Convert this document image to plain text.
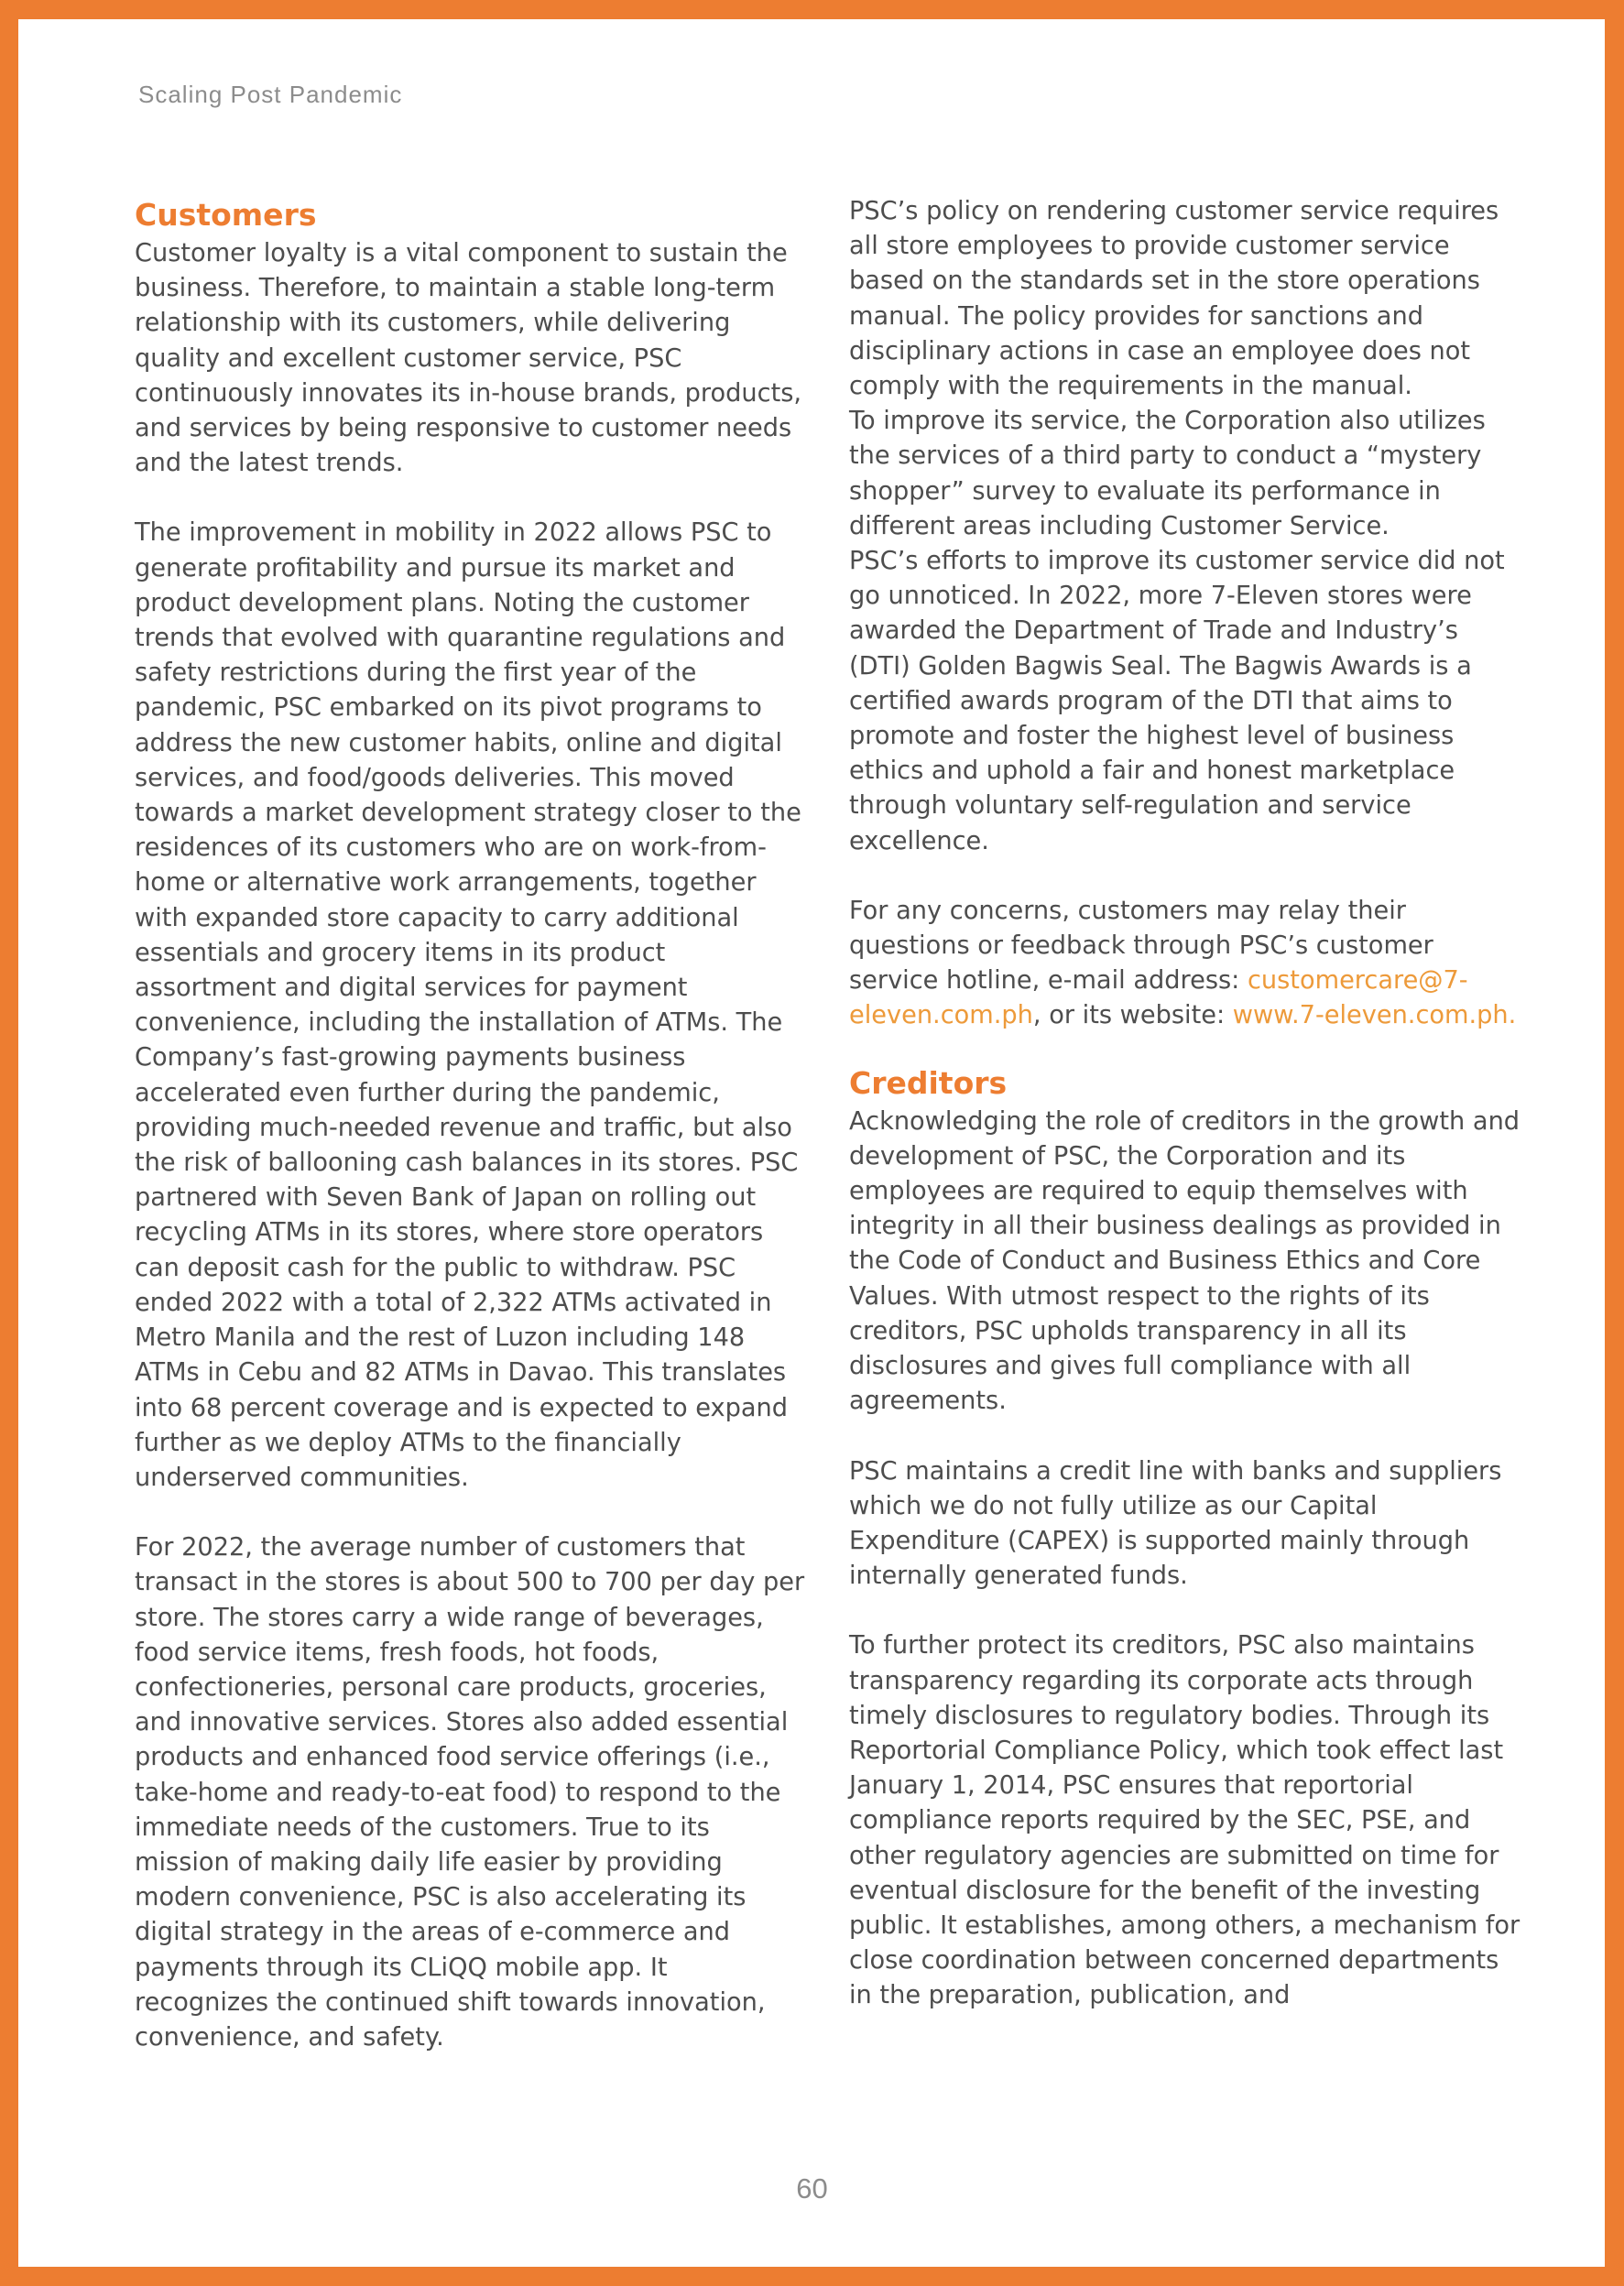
Scaling Post Pandemic

Customers

Customer loyalty is a vital component to sustain the business. Therefore, to maintain a stable long-term relationship with its customers, while delivering quality and excellent customer service, PSC continuously innovates its in-house brands, products, and services by being responsive to customer needs and the latest trends.

The improvement in mobility in 2022 allows PSC to generate profitability and pursue its market and product development plans. Noting the customer trends that evolved with quarantine regulations and safety restrictions during the first year of the pandemic, PSC embarked on its pivot programs to address the new customer habits, online and digital services, and food/goods deliveries. This moved towards a market development strategy closer to the residences of its customers who are on work-from-home or alternative work arrangements, together with expanded store capacity to carry additional essentials and grocery items in its product assortment and digital services for payment convenience, including the installation of ATMs. The Company’s fast-growing payments business accelerated even further during the pandemic, providing much-needed revenue and traffic, but also the risk of ballooning cash balances in its stores. PSC partnered with Seven Bank of Japan on rolling out recycling ATMs in its stores, where store operators can deposit cash for the public to withdraw. PSC ended 2022 with a total of 2,322 ATMs activated in Metro Manila and the rest of Luzon including 148 ATMs in Cebu and 82 ATMs in Davao. This translates into 68 percent coverage and is expected to expand further as we deploy ATMs to the financially underserved communities.

For 2022, the average number of customers that transact in the stores is about 500 to 700 per day per store. The stores carry a wide range of beverages, food service items, fresh foods, hot foods, confectioneries, personal care products, groceries, and innovative services. Stores also added essential products and enhanced food service offerings (i.e., take-home and ready-to-eat food) to respond to the immediate needs of the customers. True to its mission of making daily life easier by providing modern convenience, PSC is also accelerating its digital strategy in the areas of e-commerce and payments through its CLiQQ mobile app. It recognizes the continued shift towards innovation, convenience, and safety.

PSC’s policy on rendering customer service requires all store employees to provide customer service based on the standards set in the store operations manual. The policy provides for sanctions and disciplinary actions in case an employee does not comply with the requirements in the manual.

To improve its service, the Corporation also utilizes the services of a third party to conduct a “mystery shopper” survey to evaluate its performance in different areas including Customer Service.

PSC’s efforts to improve its customer service did not go unnoticed. In 2022, more 7-Eleven stores were awarded the Department of Trade and Industry’s (DTI) Golden Bagwis Seal. The Bagwis Awards is a certified awards program of the DTI that aims to promote and foster the highest level of business ethics and uphold a fair and honest marketplace through voluntary self-regulation and service excellence.

For any concerns, customers may relay their questions or feedback through PSC’s customer service hotline, e-mail address: customercare@7-eleven.com.ph, or its website: www.7-eleven.com.ph.

Creditors

Acknowledging the role of creditors in the growth and development of PSC, the Corporation and its employees are required to equip themselves with integrity in all their business dealings as provided in the Code of Conduct and Business Ethics and Core Values. With utmost respect to the rights of its creditors, PSC upholds transparency in all its disclosures and gives full compliance with all agreements.

PSC maintains a credit line with banks and suppliers which we do not fully utilize as our Capital Expenditure (CAPEX) is supported mainly through internally generated funds.

To further protect its creditors, PSC also maintains transparency regarding its corporate acts through timely disclosures to regulatory bodies. Through its Reportorial Compliance Policy, which took effect last January 1, 2014, PSC ensures that reportorial compliance reports required by the SEC, PSE, and other regulatory agencies are submitted on time for eventual disclosure for the benefit of the investing public. It establishes, among others, a mechanism for close coordination between concerned departments in the preparation, publication, and

60
